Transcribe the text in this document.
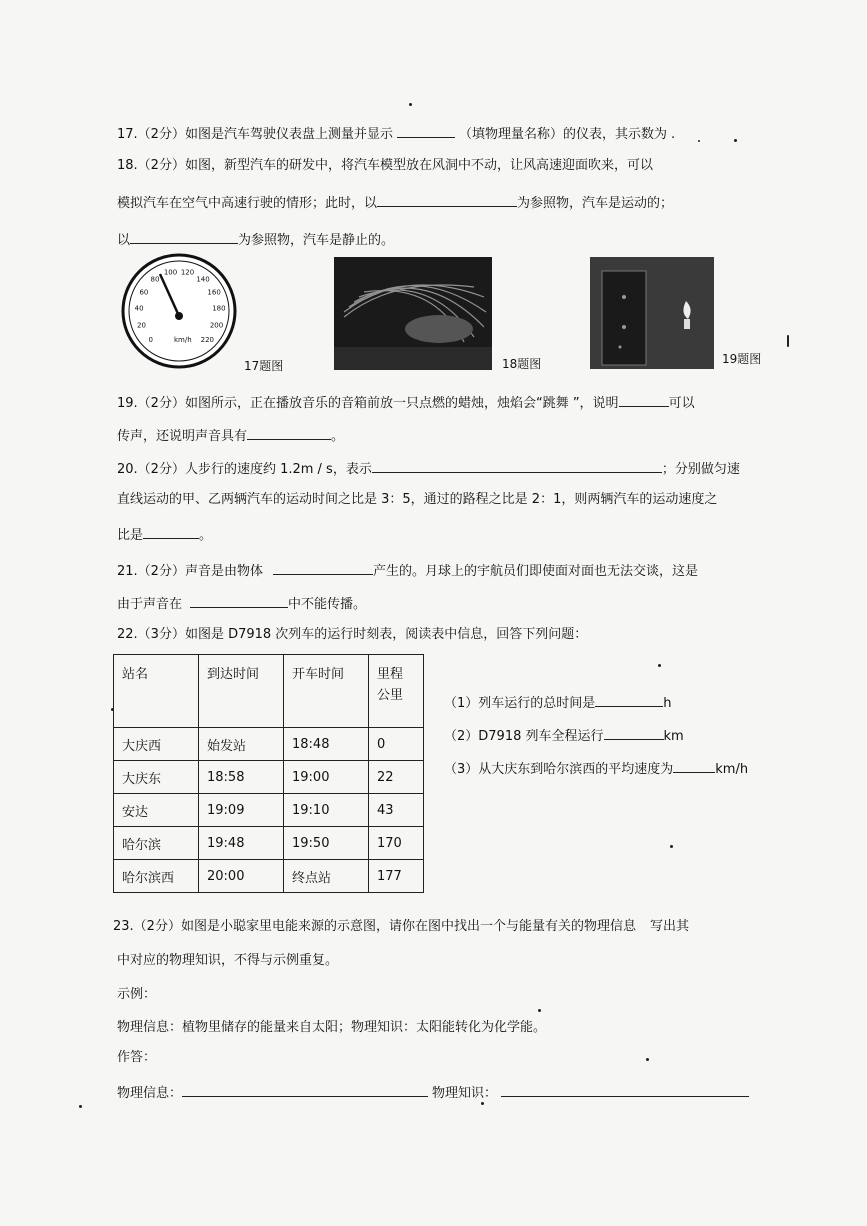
17.（2分）如图是汽车驾驶仪表盘上测量并显示	（填物理量名称）的仪表，其示数为 .
18.（2分）如图，新型汽车的研发中，将汽车模型放在风洞中不动，让风高速迎面吹来，可以
模拟汽车在空气中高速行驶的情形；此时，以	为参照物，汽车是运动的；
以	为参照物，汽车是静止的。
0
20
40
60
80
100 120
140
160
180
200
220
km/h
17题图	18题图	19题图
19.（2分）如图所示，正在播放音乐的音箱前放一只点燃的蜡烛，烛焰会“跳舞 ”，说明	可以
传声，还说明声音具有	。
20.（2分）人步行的速度约 1.2m / s，表示	；分别做匀速
直线运动的甲、乙两辆汽车的运动时间之比是 3：5，通过的路程之比是 2：1，则两辆汽车的运动速度之
比是	。
21.（2分）声音是由物体	产生的。月球上的宇航员们即使面对面也无法交谈，这是
由于声音在	中不能传播。
22.（3分）如图是 D7918 次列车的运行时刻表，阅读表中信息，回答下列问题：
站名	到达时间	开车时间	里程
公里
大庆西	始发站	18:48	0
大庆东	18:58	19:00	22
安达	19:09	19:10	43
哈尔滨	19:48	19:50	170
哈尔滨西	20:00	终点站	177
（1）列车运行的总时间是	h
（2）D7918 列车全程运行	km
（3）从大庆东到哈尔滨西的平均速度为	km/h
23.（2分）如图是小聪家里电能来源的示意图，请你在图中找出一个与能量有关的物理信息 写出其
中对应的物理知识，不得与示例重复。
示例：
物理信息：植物里储存的能量来自太阳；物理知识：太阳能转化为化学能。
作答：
物理信息：	物理知识：
